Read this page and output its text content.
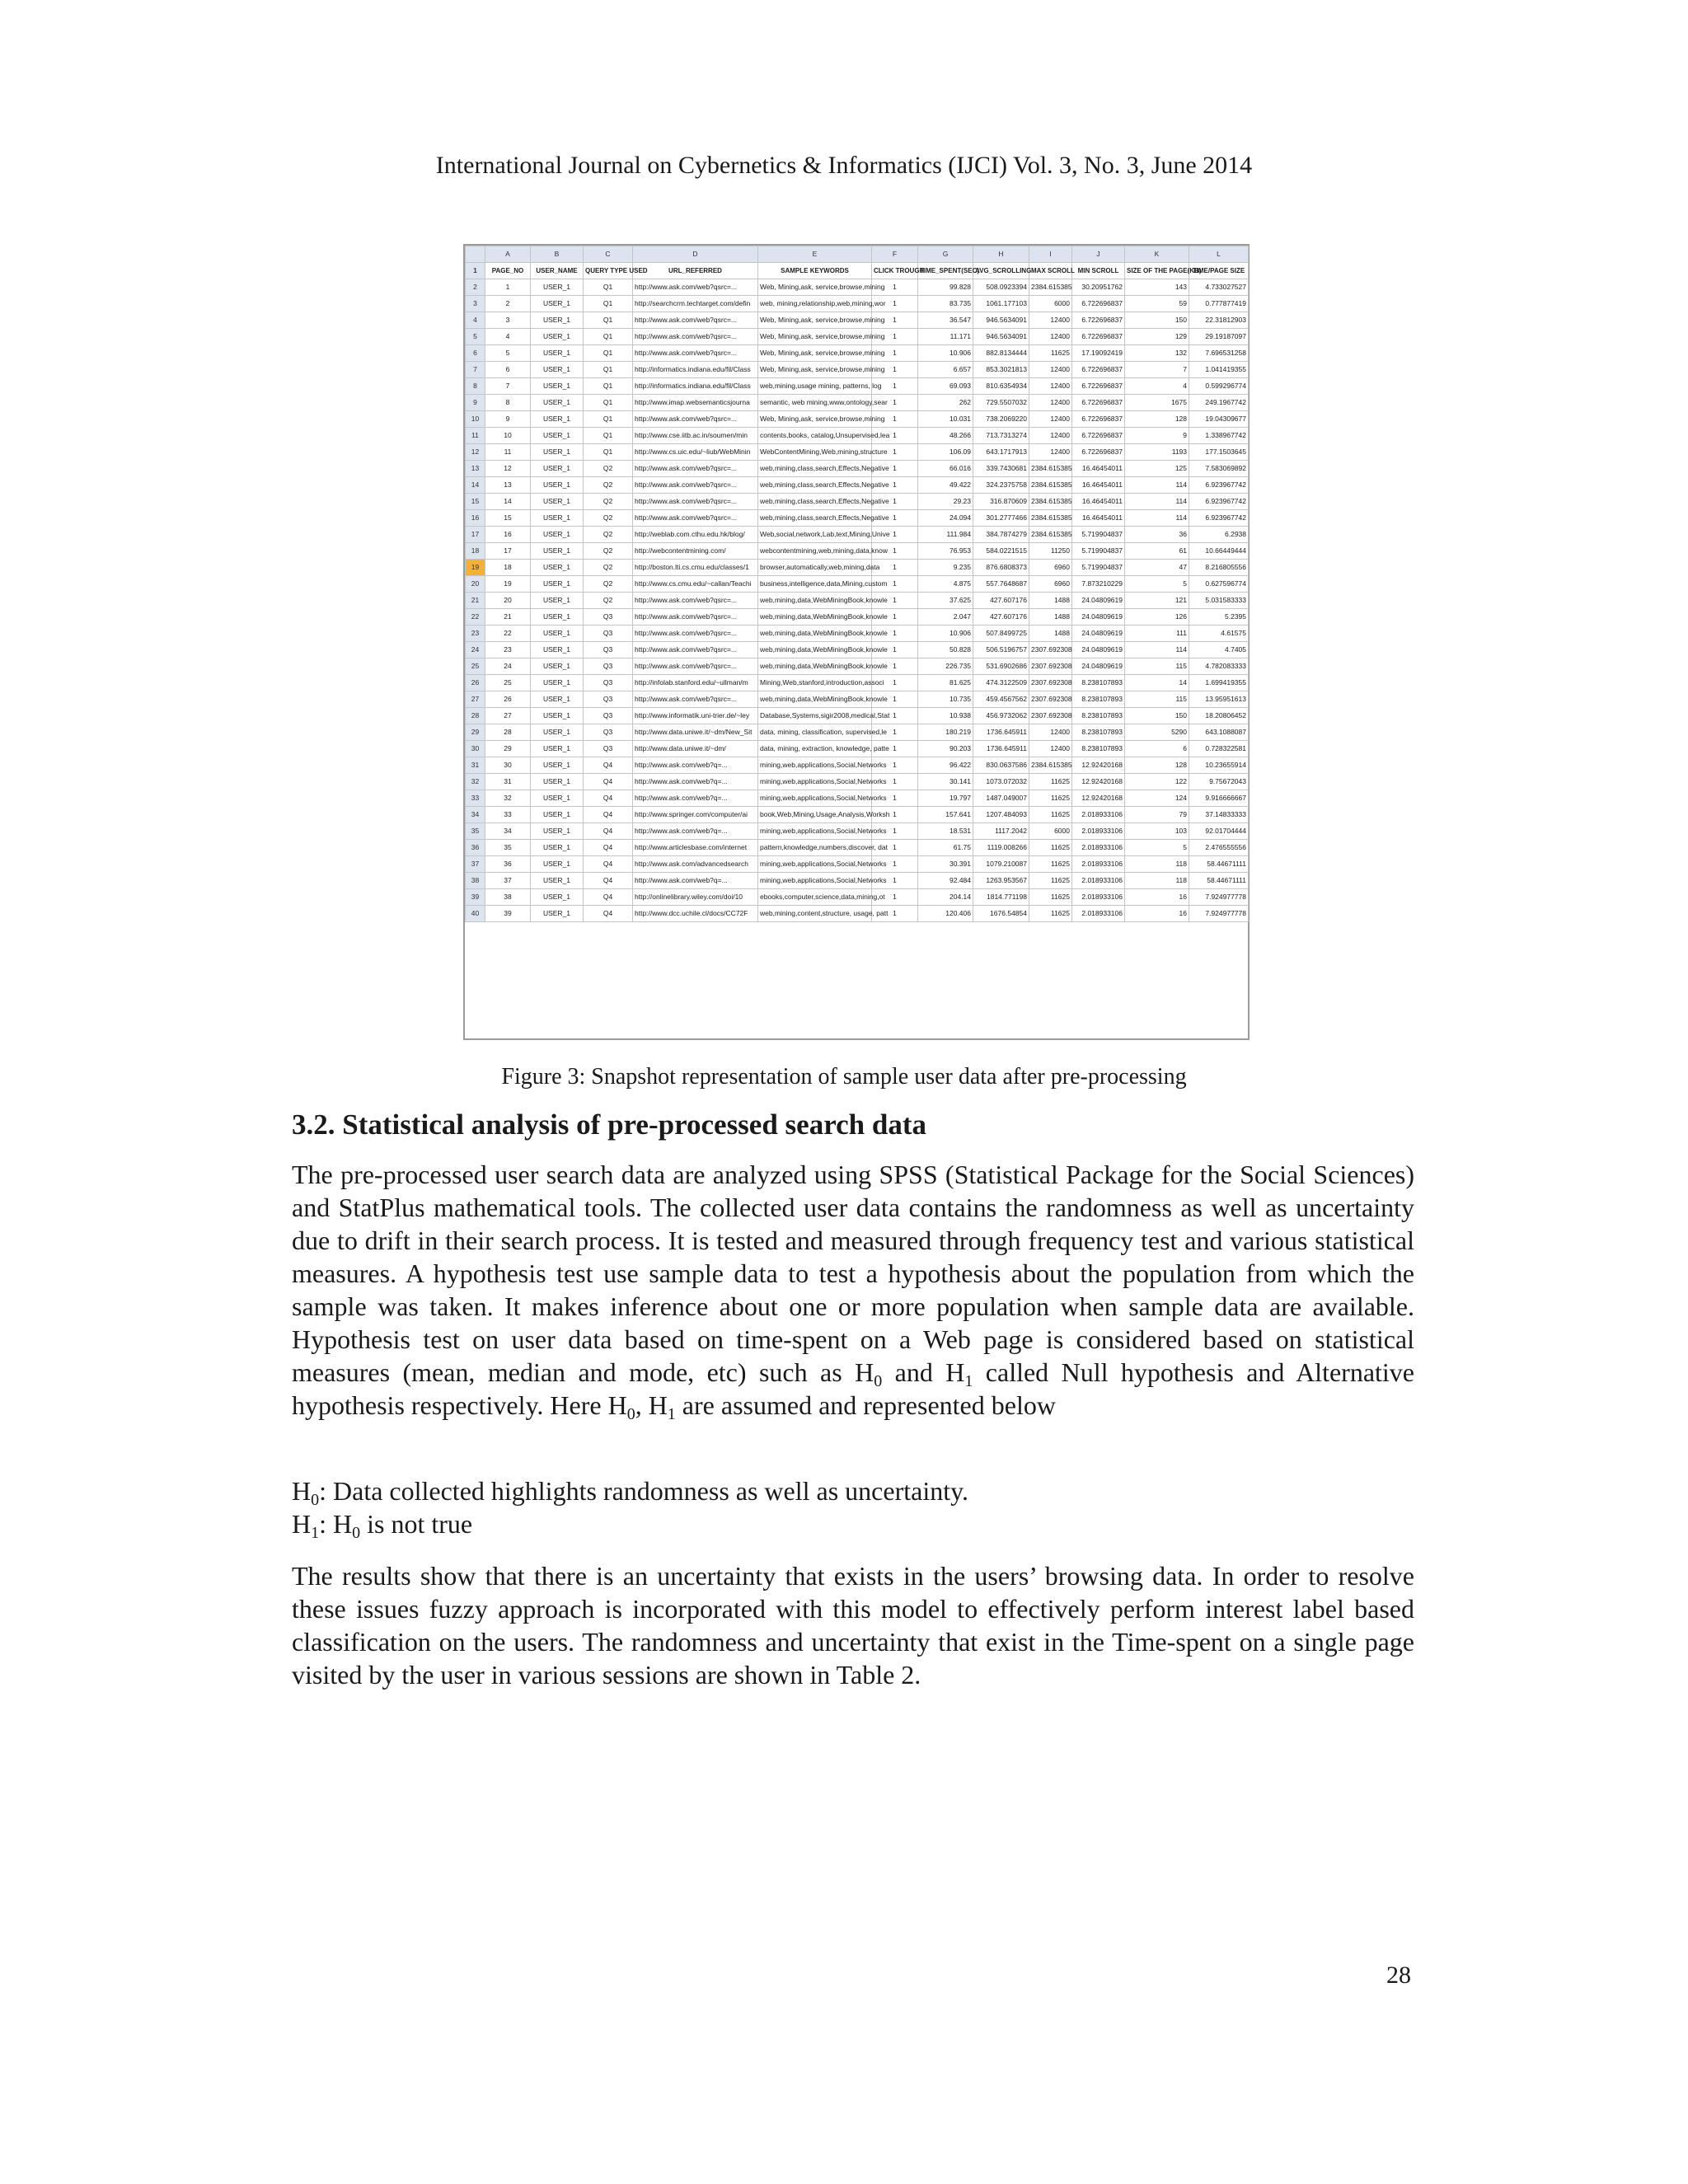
International Journal on Cybernetics & Informatics (IJCI) Vol. 3, No. 3, June 2014
	A	B	C	D	E	F	G	H	I	J	K	L
1	PAGE_NO	USER_NAME	QUERY TYPE USED	URL_REFERRED	SAMPLE KEYWORDS	CLICK TROUGH	TIME_SPENT(SEC)	AVG_SCROLLING	MAX SCROLL	MIN SCROLL	SIZE OF THE PAGE(KB)	TIME/PAGE SIZE
2	1	USER_1	Q1	http://www.ask.com/web?qsrc=...	Web, Mining,ask, service,browse,mining	1	99.828	508.0923394	2384.615385	30.20951762	143	4.733027527
3	2	USER_1	Q1	http://searchcrm.techtarget.com/defin	web, mining,relationship,web,mining,wor	1	83.735	1061.177103	6000	6.722696837	59	0.777877419
4	3	USER_1	Q1	http://www.ask.com/web?qsrc=...	Web, Mining,ask, service,browse,mining	1	36.547	946.5634091	12400	6.722696837	150	22.31812903
5	4	USER_1	Q1	http://www.ask.com/web?qsrc=...	Web, Mining,ask, service,browse,mining	1	11.171	946.5634091	12400	6.722696837	129	29.19187097
6	5	USER_1	Q1	http://www.ask.com/web?qsrc=...	Web, Mining,ask, service,browse,mining	1	10.906	882.8134444	11625	17.19092419	132	7.696531258
7	6	USER_1	Q1	http://informatics.indiana.edu/fil/Class	Web, Mining,ask, service,browse,mining	1	6.657	853.3021813	12400	6.722696837	7	1.041419355
8	7	USER_1	Q1	http://informatics.indiana.edu/fil/Class	web,mining,usage mining, patterns, log	1	69.093	810.6354934	12400	6.722696837	4	0.599296774
9	8	USER_1	Q1	http://www.imap.websemanticsjourna	semantic, web mining,www,ontology,sear	1	262	729.5507032	12400	6.722696837	1675	249.1967742
10	9	USER_1	Q1	http://www.ask.com/web?qsrc=...	Web, Mining,ask, service,browse,mining	1	10.031	738.2069220	12400	6.722696837	128	19.04309677
11	10	USER_1	Q1	http://www.cse.iitb.ac.in/soumen/min	contents,books, catalog,Unsupervised,lea	1	48.266	713.7313274	12400	6.722696837	9	1.338967742
12	11	USER_1	Q1	http://www.cs.uic.edu/~liub/WebMinin	WebContentMining,Web,mining,structure	1	106.09	643.1717913	12400	6.722696837	1193	177.1503645
13	12	USER_1	Q2	http://www.ask.com/web?qsrc=...	web,mining,class,search,Effects,Negative	1	66.016	339.7430681	2384.615385	16.46454011	125	7.583069892
14	13	USER_1	Q2	http://www.ask.com/web?qsrc=...	web,mining,class,search,Effects,Negative	1	49.422	324.2375758	2384.615385	16.46454011	114	6.923967742
15	14	USER_1	Q2	http://www.ask.com/web?qsrc=...	web,mining,class,search,Effects,Negative	1	29.23	316.870609	2384.615385	16.46454011	114	6.923967742
16	15	USER_1	Q2	http://www.ask.com/web?qsrc=...	web,mining,class,search,Effects,Negative	1	24.094	301.2777466	2384.615385	16.46454011	114	6.923967742
17	16	USER_1	Q2	http://weblab.com.cthu.edu.hk/blog/	Web,social,network,Lab,text,Mining,Unive	1	111.984	384.7874279	2384.615385	5.719904837	36	6.2938
18	17	USER_1	Q2	http://webcontentmining.com/	webcontentmining,web,mining,data,know	1	76.953	584.0221515	11250	5.719904837	61	10.66449444
19	18	USER_1	Q2	http://boston.lti.cs.cmu.edu/classes/1	browser,automatically,web,mining,data	1	9.235	876.6808373	6960	5.719904837	47	8.216805556
20	19	USER_1	Q2	http://www.cs.cmu.edu/~callan/Teachi	business,intelligence,data,Mining,custom	1	4.875	557.7648687	6960	7.873210229	5	0.627596774
21	20	USER_1	Q2	http://www.ask.com/web?qsrc=...	web,mining,data,WebMiningBook,knowle	1	37.625	427.607176	1488	24.04809619	121	5.031583333
22	21	USER_1	Q3	http://www.ask.com/web?qsrc=...	web,mining,data,WebMiningBook,knowle	1	2.047	427.607176	1488	24.04809619	126	5.2395
23	22	USER_1	Q3	http://www.ask.com/web?qsrc=...	web,mining,data,WebMiningBook,knowle	1	10.906	507.8499725	1488	24.04809619	111	4.61575
24	23	USER_1	Q3	http://www.ask.com/web?qsrc=...	web,mining,data,WebMiningBook,knowle	1	50.828	506.5196757	2307.692308	24.04809619	114	4.7405
25	24	USER_1	Q3	http://www.ask.com/web?qsrc=...	web,mining,data,WebMiningBook,knowle	1	226.735	531.6902686	2307.692308	24.04809619	115	4.782083333
26	25	USER_1	Q3	http://infolab.stanford.edu/~ullman/m	Mining,Web,stanford,introduction,associ	1	81.625	474.3122509	2307.692308	8.238107893	14	1.699419355
27	26	USER_1	Q3	http://www.ask.com/web?qsrc=...	web,mining,data,WebMiningBook,knowle	1	10.735	459.4567562	2307.692308	8.238107893	115	13.95951613
28	27	USER_1	Q3	http://www.informatik.uni-trier.de/~ley	Database,Systems,sigir2008,medical,Stat	1	10.938	456.9732062	2307.692308	8.238107893	150	18.20806452
29	28	USER_1	Q3	http://www.data.uniwe.it/~dm/New_Sit	data, mining, classification, supervised,le	1	180.219	1736.645911	12400	8.238107893	5290	643.1088087
30	29	USER_1	Q3	http://www.data.uniwe.it/~dm/	data, mining, extraction, knowledge, patte	1	90.203	1736.645911	12400	8.238107893	6	0.728322581
31	30	USER_1	Q4	http://www.ask.com/web?q=...	mining,web,applications,Social,Networks	1	96.422	830.0637586	2384.615385	12.92420168	128	10.23655914
32	31	USER_1	Q4	http://www.ask.com/web?q=...	mining,web,applications,Social,Networks	1	30.141	1073.072032	11625	12.92420168	122	9.75672043
33	32	USER_1	Q4	http://www.ask.com/web?q=...	mining,web,applications,Social,Networks	1	19.797	1487.049007	11625	12.92420168	124	9.916666667
34	33	USER_1	Q4	http://www.springer.com/computer/ai	book,Web,Mining,Usage,Analysis,Worksh	1	157.641	1207.484093	11625	2.018933106	79	37.14833333
35	34	USER_1	Q4	http://www.ask.com/web?q=...	mining,web,applications,Social,Networks	1	18.531	1117.2042	6000	2.018933106	103	92.01704444
36	35	USER_1	Q4	http://www.articlesbase.com/internet	pattern,knowledge,numbers,discover, dat	1	61.75	1119.008266	11625	2.018933106	5	2.476555556
37	36	USER_1	Q4	http://www.ask.com/advancedsearch	mining,web,applications,Social,Networks	1	30.391	1079.210087	11625	2.018933106	118	58.44671111
38	37	USER_1	Q4	http://www.ask.com/web?q=...	mining,web,applications,Social,Networks	1	92.484	1263.953567	11625	2.018933106	118	58.44671111
39	38	USER_1	Q4	http://onlinelibrary.wiley.com/doi/10	ebooks,computer,science,data,mining,ot	1	204.14	1814.771198	11625	2.018933106	16	7.924977778
40	39	USER_1	Q4	http://www.dcc.uchile.cl/docs/CC72F	web,mining,content,structure, usage, patt	1	120.406	1676.54854	11625	2.018933106	16	7.924977778
Figure 3: Snapshot representation of sample user data after pre-processing
3.2. Statistical analysis of pre-processed search data

The pre-processed user search data are analyzed using SPSS (Statistical Package for the Social Sciences) and StatPlus mathematical tools. The collected user data contains the randomness as well as uncertainty due to drift in their search process. It is tested and measured through frequency test and various statistical measures. A hypothesis test use sample data to test a hypothesis about the population from which the sample was taken. It makes inference about one or more population when sample data are available. Hypothesis test on user data based on time-spent on a Web page is considered based on statistical measures (mean, median and mode, etc) such as $H_0$ and $H_1$ called Null hypothesis and Alternative hypothesis respectively. Here $H_0$, $H_1$ are assumed and represented below

$H_0$: Data collected highlights randomness as well as uncertainty.

$H_1$: $H_0$ is not true

The results show that there is an uncertainty that exists in the users’ browsing data. In order to resolve these issues fuzzy approach is incorporated with this model to effectively perform interest label based classification on the users. The randomness and uncertainty that exist in the Time-spent on a single page visited by the user in various sessions are shown in Table 2.

28
